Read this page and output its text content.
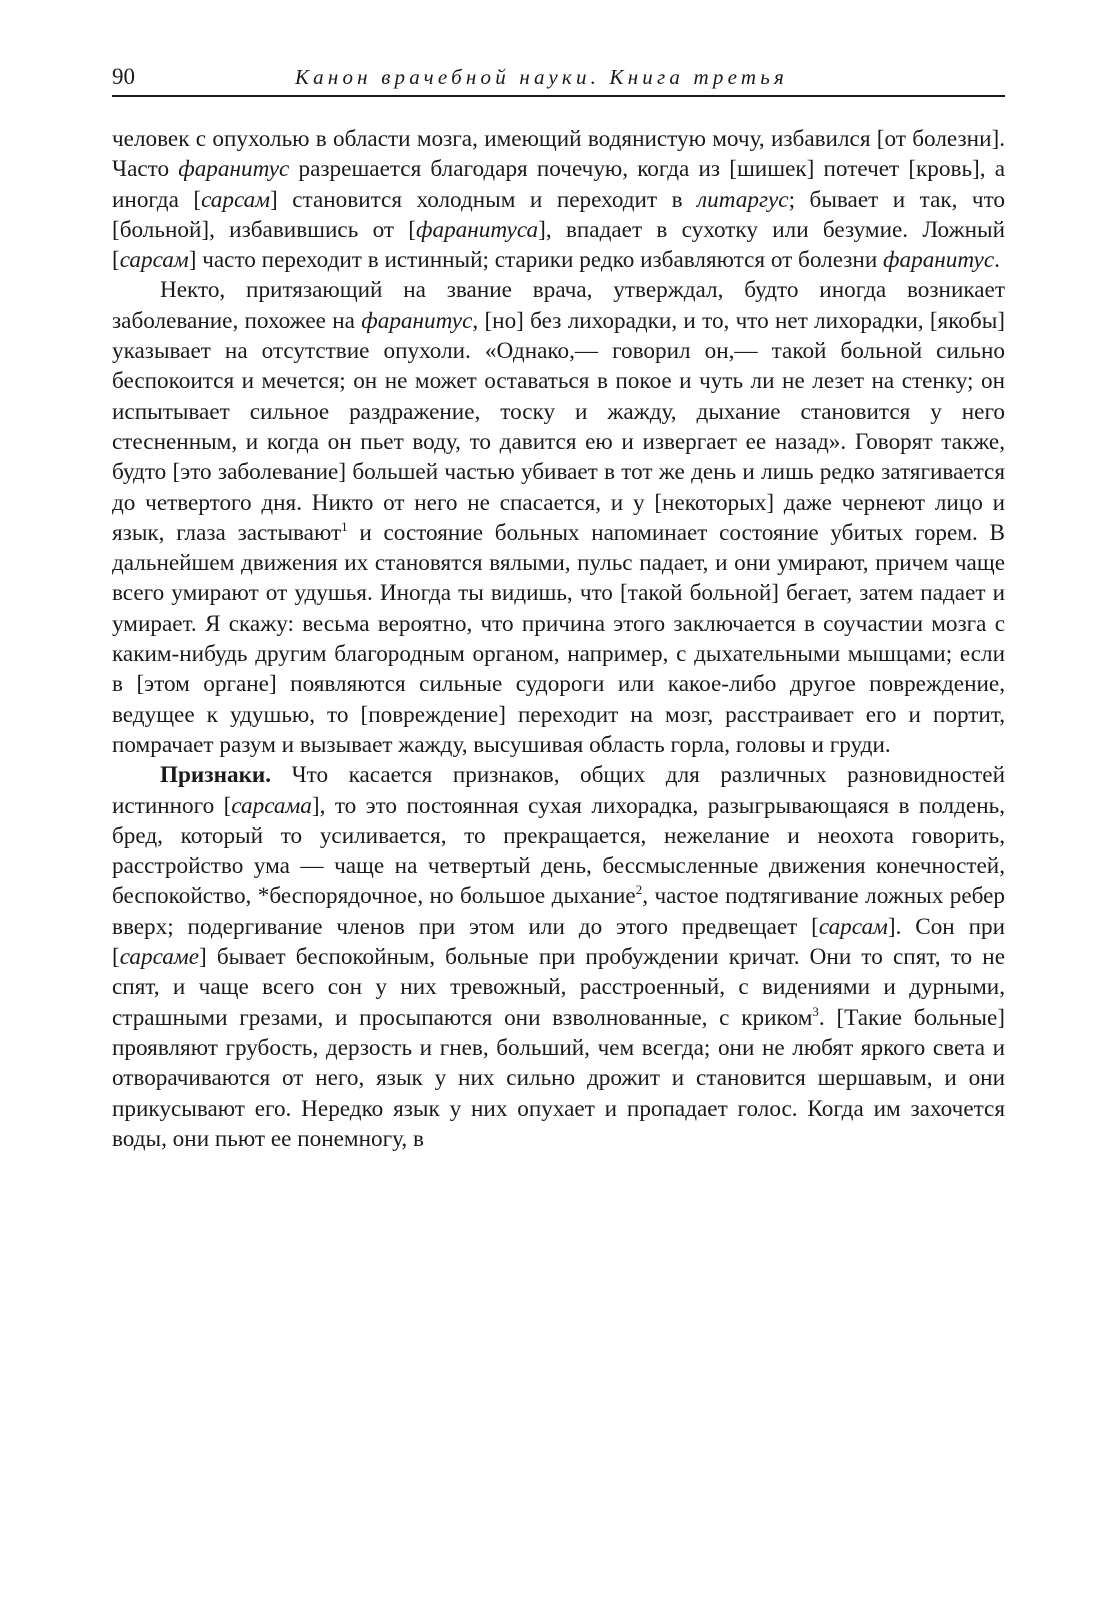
90	Канон врачебной науки. Книга третья

человек с опухолью в области мозга, имеющий водянистую мочу, избавился [от болезни]. Часто фаранитус разрешается благодаря почечую, когда из [шишек] потечет [кровь], а иногда [сарсам] становится холодным и переходит в литаргус; бывает и так, что [больной], избавившись от [фаранитуса], впадает в сухотку или безумие. Ложный [сарсам] часто переходит в истинный; старики редко избавляются от болезни фаранитус.

Некто, притязающий на звание врача, утверждал, будто иногда возникает заболевание, похожее на фаранитус, [но] без лихорадки, и то, что нет лихорадки, [якобы] указывает на отсутствие опухоли. «Однако,— говорил он,— такой больной сильно беспокоится и мечется; он не может оставаться в покое и чуть ли не лезет на стенку; он испытывает сильное раздражение, тоску и жажду, дыхание становится у него стесненным, и когда он пьет воду, то давится ею и извергает ее назад». Говорят также, будто [это заболевание] большей частью убивает в тот же день и лишь редко затягивается до четвертого дня. Никто от него не спасается, и у [некоторых] даже чернеют лицо и язык, глаза застывают$^1$ и состояние больных напоминает состояние убитых горем. В дальнейшем движения их становятся вялыми, пульс падает, и они умирают, причем чаще всего умирают от удушья. Иногда ты видишь, что [такой больной] бегает, затем падает и умирает. Я скажу: весьма вероятно, что причина этого заключается в соучастии мозга с каким-нибудь другим благородным органом, например, с дыхательными мышцами; если в [этом органе] появляются сильные судороги или какое-либо другое повреждение, ведущее к удушью, то [повреждение] переходит на мозг, расстраивает его и портит, помрачает разум и вызывает жажду, высушивая область горла, головы и груди.

Признаки. Что касается признаков, общих для различных разновидностей истинного [сарсама], то это постоянная сухая лихорадка, разыгрывающаяся в полдень, бред, который то усиливается, то прекращается, нежелание и неохота говорить, расстройство ума — чаще на четвертый день, бессмысленные движения конечностей, беспокойство, *беспорядочное, но большое дыхание$^2$, частое подтягивание ложных ребер вверх; подергивание членов при этом или до этого предвещает [сарсам]. Сон при [сарсаме] бывает беспокойным, больные при пробуждении кричат. Они то спят, то не спят, и чаще всего сон у них тревожный, расстроенный, с видениями и дурными, страшными грезами, и просыпаются они взволнованные, с криком$^3$. [Такие больные] проявляют грубость, дерзость и гнев, больший, чем всегда; они не любят яркого света и отворачиваются от него, язык у них сильно дрожит и становится шершавым, и они прикусывают его. Нередко язык у них опухает и пропадает голос. Когда им захочется воды, они пьют ее понемногу, в
